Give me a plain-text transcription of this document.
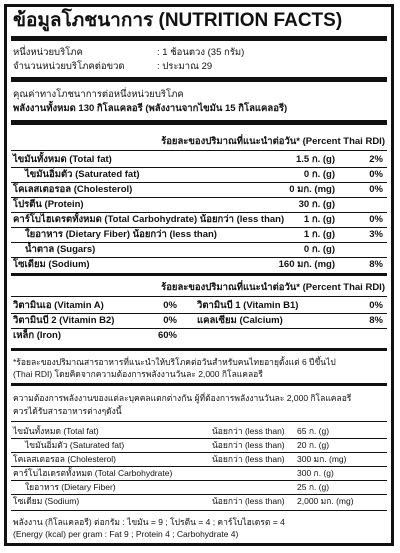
ข้อมูลโภชนาการ (NUTRITION FACTS)
หนึ่งหน่วยบริโภค	: 1 ช้อนตวง (35 กรัม)
จำนวนหน่วยบริโภคต่อขวด	: ประมาณ 29
คุณค่าทางโภชนาการต่อหนึ่งหน่วยบริโภค
พลังงานทั้งหมด 130 กิโลแคลอรี (พลังงานจากไขมัน 15 กิโลแคลอรี)
ร้อยละของปริมาณที่แนะนำต่อวัน* (Percent Thai RDI)
ไขมันทั้งหมด (Total fat)	1.5 ก. (g)	2%
ไขมันอิ่มตัว (Saturated fat)	0 ก. (g)	0%
โคเลสเตอรอล (Cholesterol)	0 มก. (mg)	0%
โปรตีน (Protein)	30 ก. (g)
คาร์โบไฮเดรตทั้งหมด (Total Carbohydrate) น้อยกว่า (less than)	1 ก. (g)	0%
ใยอาหาร (Dietary Fiber) น้อยกว่า (less than)	1 ก. (g)	3%
น้ำตาล (Sugars)	0 ก. (g)
โซเดียม (Sodium)	160 มก. (mg)	8%
ร้อยละของปริมาณที่แนะนำต่อวัน* (Percent Thai RDI)
วิตามินเอ (Vitamin A)	0% วิตามินบี 1 (Vitamin B1)	0%
วิตามินบี 2 (Vitamin B2)	0% แคลเซียม (Calcium)	8%
เหล็ก (Iron)	60%
*ร้อยละของปริมาณสารอาหารที่แนะนำให้บริโภคต่อวันสำหรับคนไทยอายุตั้งแต่ 6 ปีขึ้นไป
(Thai RDI) โดยคิดจากความต้องการพลังงานวันละ 2,000 กิโลแคลอรี
ความต้องการพลังงานของแต่ละบุคคลแตกต่างกัน ผู้ที่ต้องการพลังงานวันละ 2,000 กิโลแคลอรี
ควรได้รับสารอาหารต่างๆดังนี้
ไขมันทั้งหมด (Total fat)	น้อยกว่า (less than) 65 ก. (g)
ไขมันอิ่มตัว (Saturated fat)	น้อยกว่า (less than) 20 ก. (g)
โคเลสเตอรอล (Cholesterol)	น้อยกว่า (less than) 300 มก. (mg)
คาร์โบไฮเดรตทั้งหมด (Total Carbohydrate)	300 ก. (g)
ใยอาหาร (Dietary Fiber)	25 ก. (g)
โซเดียม (Sodium)	น้อยกว่า (less than) 2,000 มก. (mg)
พลังงาน (กิโลแคลอรี) ต่อกรัม : ไขมัน = 9 ; โปรตีน = 4 ; คาร์โบไฮเดรต = 4
(Energy (kcal) per gram : Fat 9 ; Protein 4 ; Carbohydrate 4)
